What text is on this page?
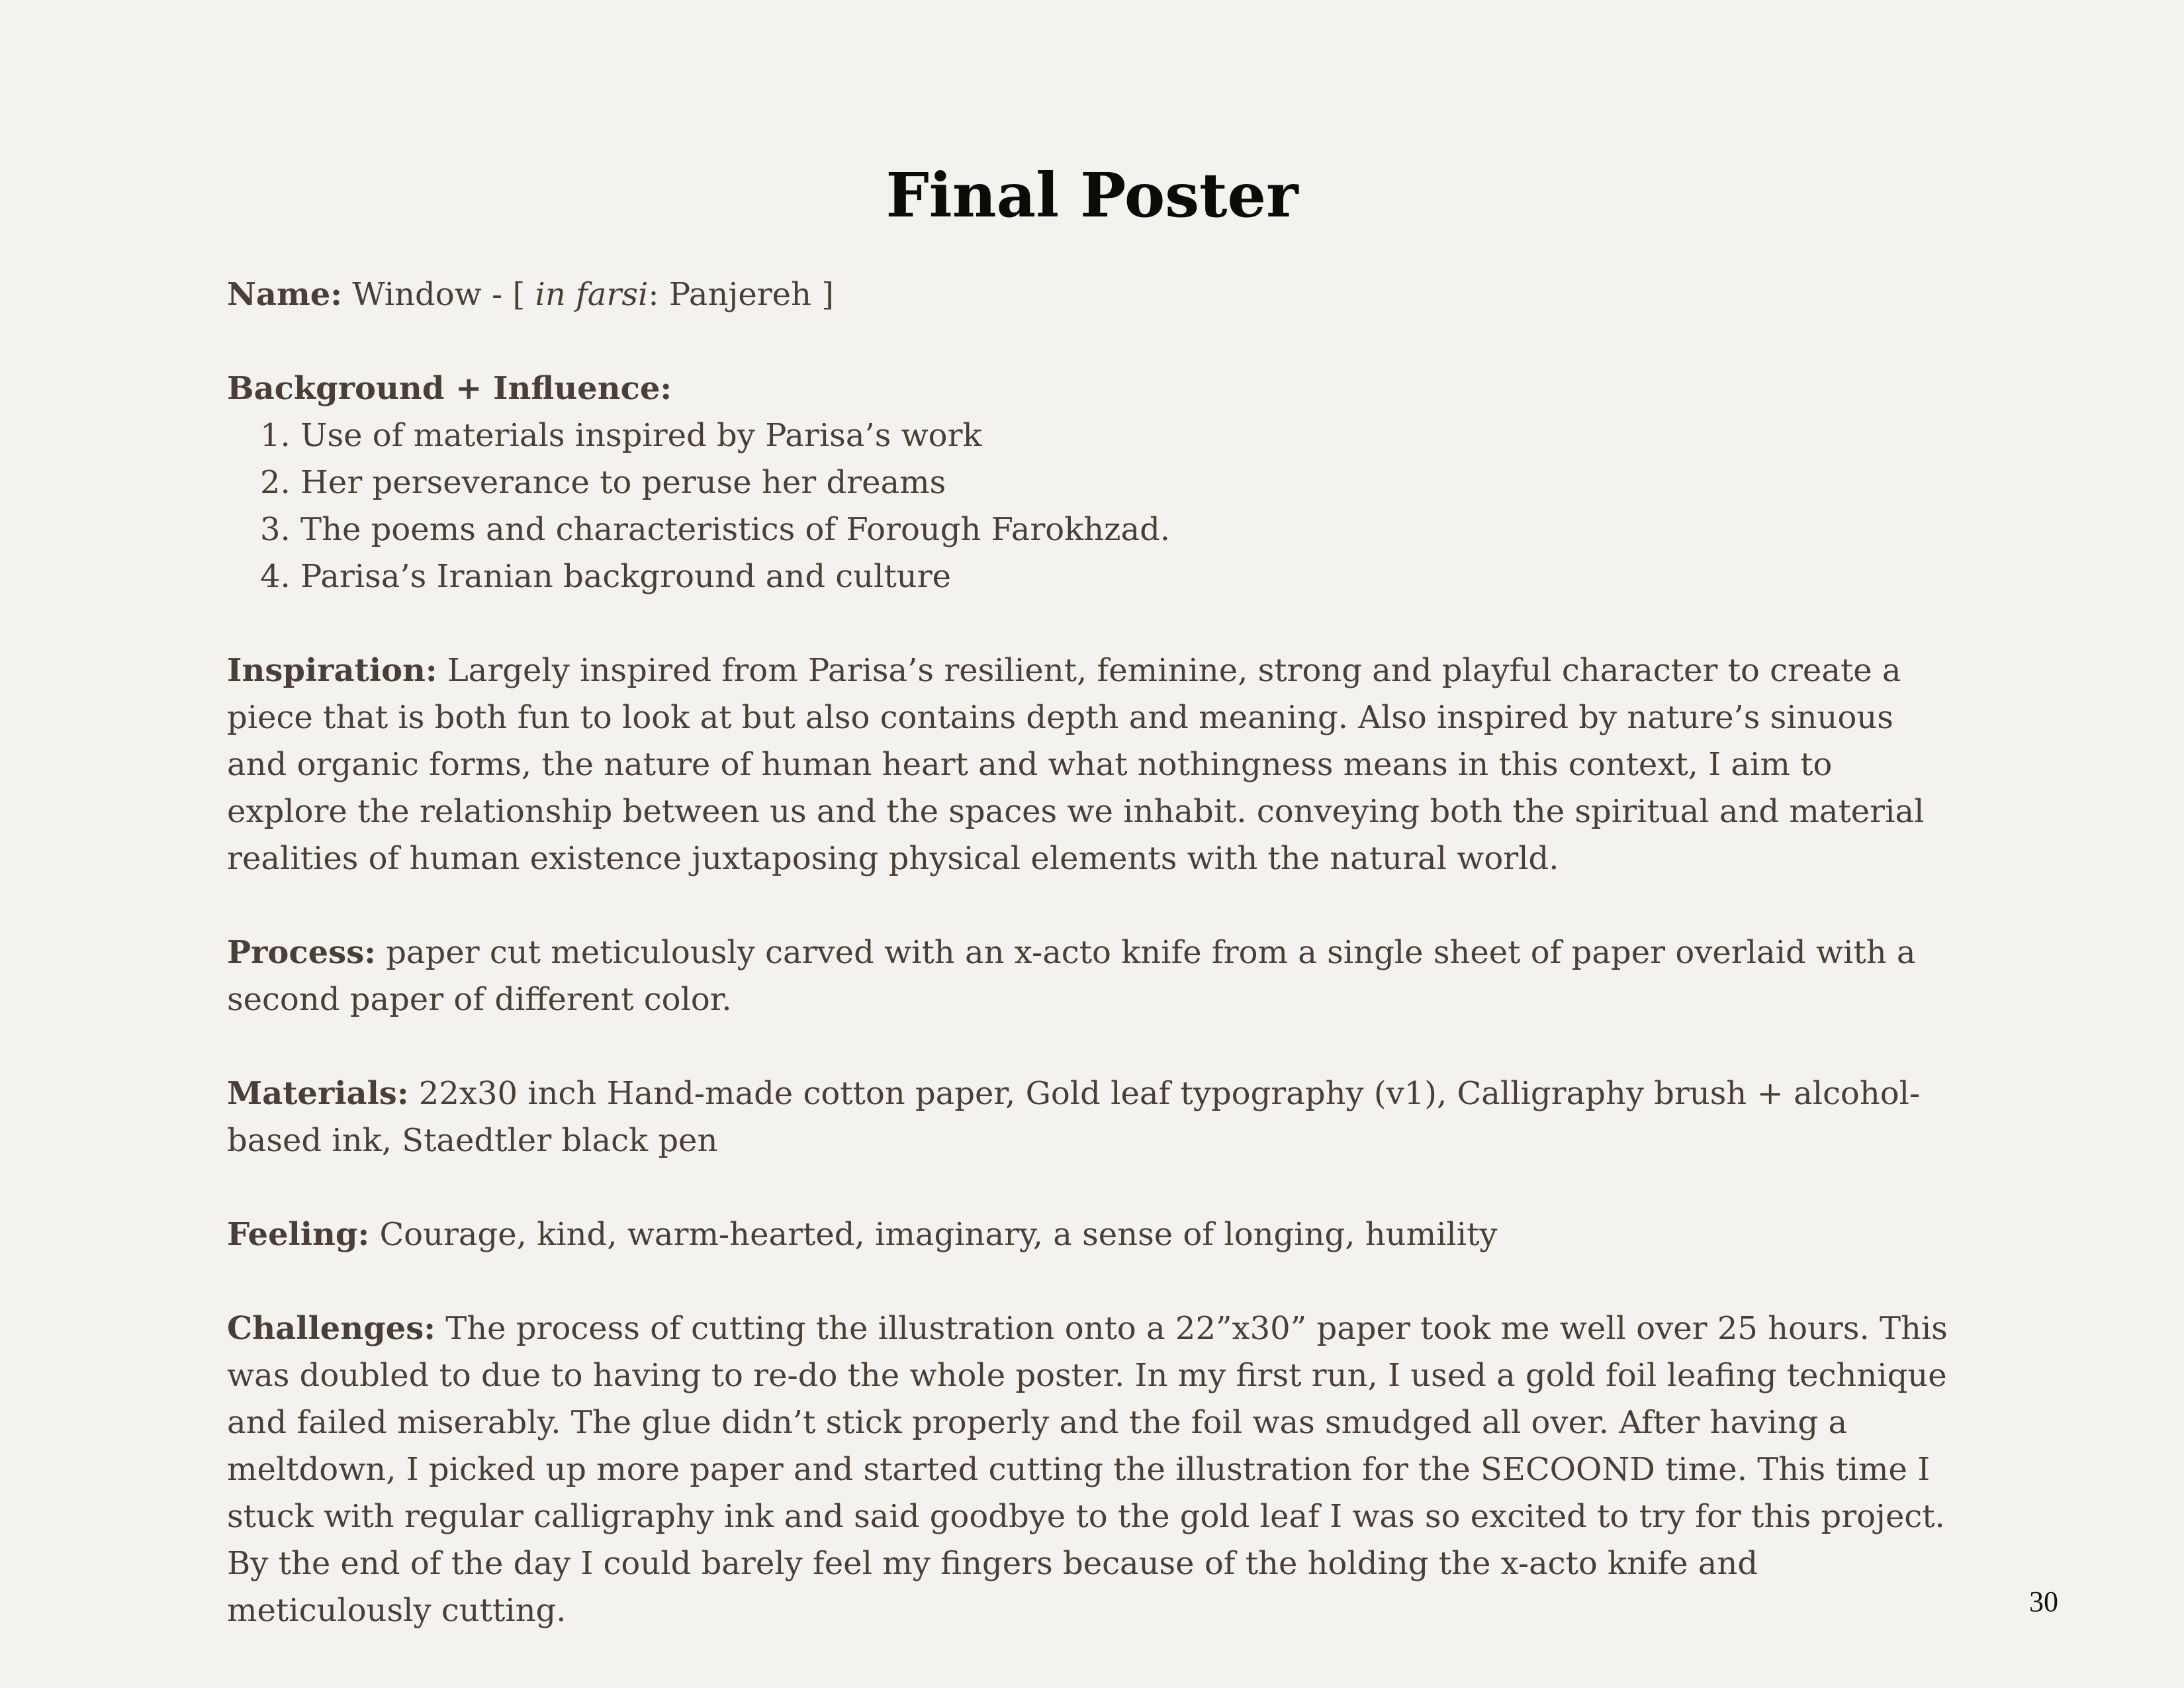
Final Poster

Name: Window - [ in farsi: Panjereh ]

Background + Influence:
1. Use of materials inspired by Parisa’s work
2. Her perseverance to peruse her dreams
3. The poems and characteristics of Forough Farokhzad.
4. Parisa’s Iranian background and culture

Inspiration: Largely inspired from Parisa’s resilient, feminine, strong and playful character to create a piece that is both fun to look at but also contains depth and meaning. Also inspired by nature’s sinuous and organic forms, the nature of human heart and what nothingness means in this context, I aim to explore the relationship between us and the spaces we inhabit. conveying both the spiritual and material realities of human existence juxtaposing physical elements with the natural world.

Process: paper cut meticulously carved with an x-acto knife from a single sheet of paper overlaid with a second paper of different color.

Materials: 22x30 inch Hand-made cotton paper, Gold leaf typography (v1), Calligraphy brush + alcohol-based ink, Staedtler black pen

Feeling: Courage, kind, warm-hearted, imaginary, a sense of longing, humility

Challenges: The process of cutting the illustration onto a 22”x30” paper took me well over 25 hours. This was doubled to due to having to re-do the whole poster. In my first run, I used a gold foil leafing technique and failed miserably. The glue didn’t stick properly and the foil was smudged all over. After having a meltdown, I picked up more paper and started cutting the illustration for the SECOOND time. This time I stuck with regular calligraphy ink and said goodbye to the gold leaf I was so excited to try for this project. By the end of the day I could barely feel my fingers because of the holding the x-acto knife and meticulously cutting.	30
